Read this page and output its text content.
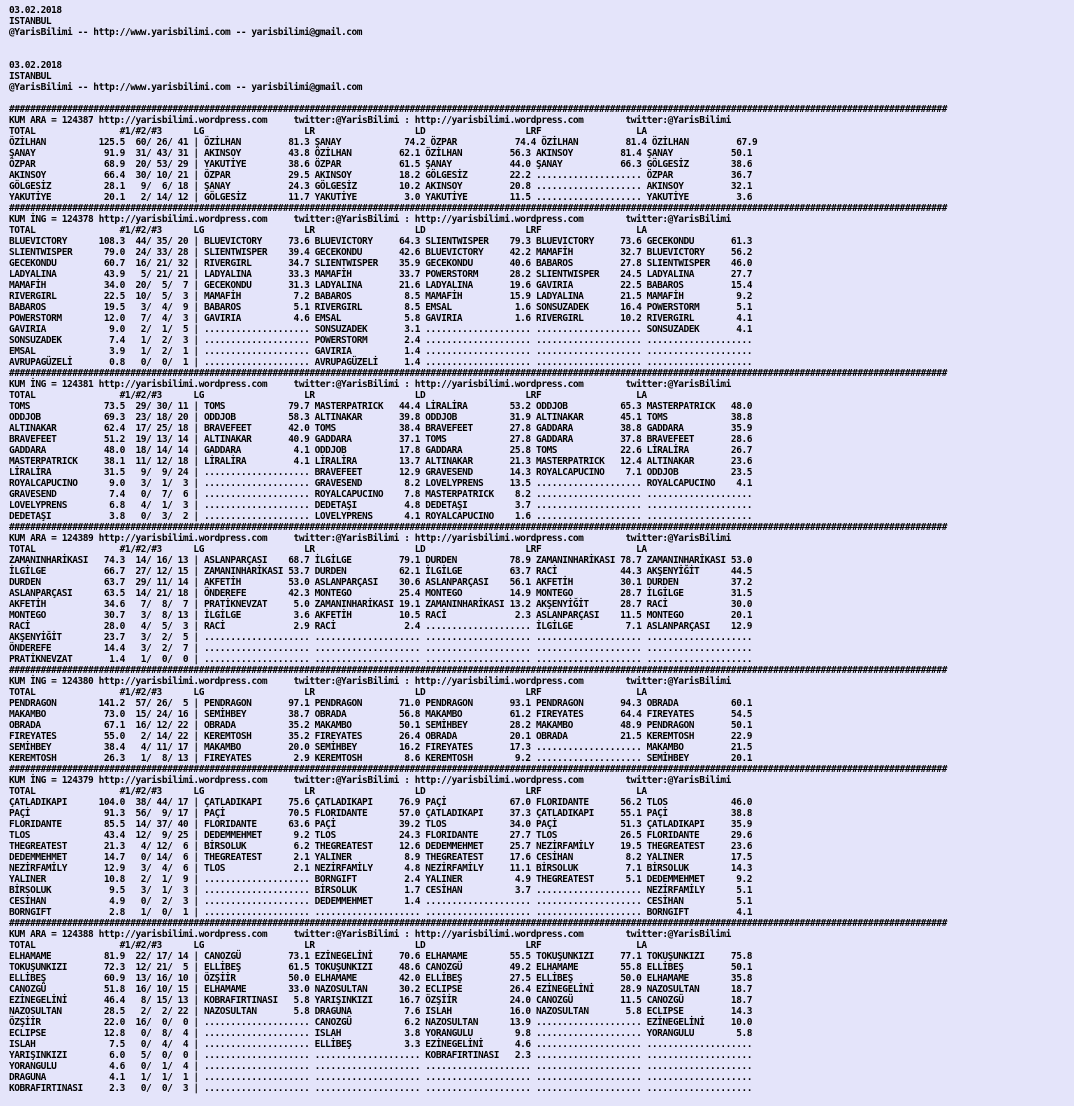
03.02.2018
ISTANBUL
@YarisBilimi -- http://www.yarisbilimi.com -- yarisbilimi@gmail.com

03.02.2018
ISTANBUL
@YarisBilimi -- http://www.yarisbilimi.com -- yarisbilimi@gmail.com

##################################################################################################################################################################################
KUM ARA = 124387 http://yarisbilimi.wordpress.com     twitter:@YarisBilimi : http://yarisbilimi.wordpress.com        twitter:@YarisBilimi
TOTAL                #1/#2/#3      LG                   LR                   LD                   LRF                  LA
ÖZİLHAN          125.5  60/ 26/ 41 | ÖZİLHAN         81.3 ŞANAY            74.2 ÖZPAR           74.4 ÖZİLHAN         81.4 ÖZİLHAN         67.9
ŞANAY             91.9  31/ 43/ 31 | AKINSOY         43.8 ÖZİLHAN         62.1 ÖZİLHAN         56.3 AKINSOY         81.4 ŞANAY           50.1
ÖZPAR             68.9  20/ 53/ 29 | YAKUTİYE        38.6 ÖZPAR           61.5 ŞANAY           44.0 ŞANAY           66.3 GÖLGESİZ        38.6
AKINSOY           66.4  30/ 10/ 21 | ÖZPAR           29.5 AKINSOY         18.2 GÖLGESİZ        22.2 .................... ÖZPAR           36.7
GÖLGESİZ          28.1   9/  6/ 18 | ŞANAY           24.3 GÖLGESİZ        10.2 AKINSOY         20.8 .................... AKINSOY         32.1
YAKUTİYE          20.1   2/ 14/ 12 | GÖLGESİZ        11.7 YAKUTİYE         3.0 YAKUTİYE        11.5 .................... YAKUTİYE         3.6
##################################################################################################################################################################################
KUM İNG = 124378 http://yarisbilimi.wordpress.com     twitter:@YarisBilimi : http://yarisbilimi.wordpress.com        twitter:@YarisBilimi
TOTAL                #1/#2/#3      LG                   LR                   LD                   LRF                  LA
BLUEVICTORY      108.3  44/ 35/ 20 | BLUEVICTORY     73.6 BLUEVICTORY     64.3 SLIENTWISPER    79.3 BLUEVICTORY     73.6 GECEKONDU       61.3
SLIENTWISPER      79.0  24/ 33/ 28 | SLIENTWISPER    39.4 GECEKONDU       42.6 BLUEVICTORY     42.2 MAMAFİH         32.7 BLUEVICTORY     56.2
GECEKONDU         60.7  16/ 21/ 32 | RIVERGIRL       34.7 SLIENTWISPER    35.9 GECEKONDU       40.6 BABAROS         27.8 SLIENTWISPER    46.0
LADYALINA         43.9   5/ 21/ 21 | LADYALINA       33.3 MAMAFİH         33.7 POWERSTORM      28.2 SLIENTWISPER    24.5 LADYALINA       27.7
MAMAFİH           34.0  20/  5/  7 | GECEKONDU       31.3 LADYALINA       21.6 LADYALINA       19.6 GAVIRIA         22.5 BABAROS         15.4
RIVERGIRL         22.5  10/  5/  3 | MAMAFİH          7.2 BABAROS          8.5 MAMAFİH         15.9 LADYALINA       21.5 MAMAFİH          9.2
BABAROS           19.5   3/  4/  9 | BABAROS          5.1 RIVERGIRL        8.5 EMSAL            1.6 SONSUZADEK      16.4 POWERSTORM       5.1
POWERSTORM        12.0   7/  4/  3 | GAVIRIA          4.6 EMSAL            5.8 GAVIRIA          1.6 RIVERGIRL       10.2 RIVERGIRL        4.1
GAVIRIA            9.0   2/  1/  5 | .................... SONSUZADEK       3.1 .................... .................... SONSUZADEK       4.1
SONSUZADEK         7.4   1/  2/  3 | .................... POWERSTORM       2.4 .................... .................... ....................
EMSAL              3.9   1/  2/  1 | .................... GAVIRIA          1.4 .................... .................... ....................
AVRUPAGÜZELİ       0.8   0/  0/  1 | .................... AVRUPAGÜZELİ     1.4 .................... .................... ....................
##################################################################################################################################################################################
KUM İNG = 124381 http://yarisbilimi.wordpress.com     twitter:@YarisBilimi : http://yarisbilimi.wordpress.com        twitter:@YarisBilimi
TOTAL                #1/#2/#3      LG                   LR                   LD                   LRF                  LA
TOMS              73.5  29/ 30/ 11 | TOMS            79.7 MASTERPATRICK   44.4 LİRALİRA        53.2 ODDJOB          65.3 MASTERPATRICK   48.0
ODDJOB            69.3  23/ 18/ 20 | ODDJOB          58.3 ALTINAKAR       39.8 ODDJOB          31.9 ALTINAKAR       45.1 TOMS            38.8
ALTINAKAR         62.4  17/ 25/ 18 | BRAVEFEET       42.0 TOMS            38.4 BRAVEFEET       27.8 GADDARA         38.8 GADDARA         35.9
BRAVEFEET         51.2  19/ 13/ 14 | ALTINAKAR       40.9 GADDARA         37.1 TOMS            27.8 GADDARA         37.8 BRAVEFEET       28.6
GADDARA           48.0  18/ 14/ 14 | GADDARA          4.1 ODDJOB          17.8 GADDARA         25.8 TOMS            22.6 LİRALİRA        26.7
MASTERPATRICK     38.1  11/ 12/ 18 | LİRALİRA         4.1 LİRALİRA        13.7 ALTINAKAR       21.3 MASTERPATRICK   12.4 ALTINAKAR       23.6
LİRALİRA          31.5   9/  9/ 24 | .................... BRAVEFEET       12.9 GRAVESEND       14.3 ROYALCAPUCINO    7.1 ODDJOB          23.5
ROYALCAPUCINO      9.0   3/  1/  3 | .................... GRAVESEND        8.2 LOVELYPRENS     13.5 .................... ROYALCAPUCINO    4.1
GRAVESEND          7.4   0/  7/  6 | .................... ROYALCAPUCINO    7.8 MASTERPATRICK    8.2 .................... ....................
LOVELYPRENS        6.8   4/  1/  3 | .................... DEDETAŞI         4.8 DEDETAŞI         3.7 .................... ....................
DEDETAŞI           3.8   0/  3/  2 | .................... LOVELYPRENS      4.1 ROYALCAPUCINO    1.6 .................... ....................
##################################################################################################################################################################################
KUM ARA = 124389 http://yarisbilimi.wordpress.com     twitter:@YarisBilimi : http://yarisbilimi.wordpress.com        twitter:@YarisBilimi
TOTAL                #1/#2/#3      LG                   LR                   LD                   LRF                  LA
ZAMANINHARİKASI   74.3  14/ 16/ 13 | ASLANPARÇASI    68.7 İLGİLGE         79.1 DURDEN          78.9 ZAMANINHARİKASI 78.7 ZAMANINHARİKASI 53.0
İLGİLGE           66.7  27/ 12/ 15 | ZAMANINHARİKASI 53.7 DURDEN          62.1 İLGİLGE         63.7 RACİ            44.3 AKŞENYİĞİT      44.5
DURDEN            63.7  29/ 11/ 14 | AKFETİH         53.0 ASLANPARÇASI    30.6 ASLANPARÇASI    56.1 AKFETİH         30.1 DURDEN          37.2
ASLANPARÇASI      63.5  14/ 21/ 18 | ÖNDEREFE        42.3 MONTEGO         25.4 MONTEGO         14.9 MONTEGO         28.7 İLGİLGE         31.5
AKFETİH           34.6   7/  8/  7 | PRATİKNEVZAT     5.0 ZAMANINHARİKASI 19.1 ZAMANINHARİKASI 13.2 AKŞENYİĞİT      28.7 RACİ            30.0
MONTEGO           30.7   3/  8/ 13 | İLGİLGE          3.6 AKFETİH         10.5 RACİ             2.3 ASLANPARÇASI    11.5 MONTEGO         20.1
RACİ              28.0   4/  5/  3 | RACİ             2.9 RACİ             2.4 .................... İLGİLGE          7.1 ASLANPARÇASI    12.9
AKŞENYİĞİT        23.7   3/  2/  5 | .................... .................... .................... .................... ....................
ÖNDEREFE          14.4   3/  2/  7 | .................... .................... .................... .................... ....................
PRATİKNEVZAT       1.4   1/  0/  0 | .................... .................... .................... .................... ....................
##################################################################################################################################################################################
KUM İNG = 124380 http://yarisbilimi.wordpress.com     twitter:@YarisBilimi : http://yarisbilimi.wordpress.com        twitter:@YarisBilimi
TOTAL                #1/#2/#3      LG                   LR                   LD                   LRF                  LA
PENDRAGON        141.2  57/ 26/  5 | PENDRAGON       97.1 PENDRAGON       71.0 PENDRAGON       93.1 PENDRAGON       94.3 OBRADA          60.1
MAKAMBO           73.0  15/ 24/ 16 | SEMİHBEY        38.7 OBRADA          56.8 MAKAMBO         61.2 FIREYATES       64.4 FIREYATES       54.5
OBRADA            67.1  16/ 12/ 22 | OBRADA          35.2 MAKAMBO         50.1 SEMİHBEY        28.2 MAKAMBO         48.9 PENDRAGON       50.1
FIREYATES         55.0   2/ 14/ 22 | KEREMTOSH       35.2 FIREYATES       26.4 OBRADA          20.1 OBRADA          21.5 KEREMTOSH       22.9
SEMİHBEY          38.4   4/ 11/ 17 | MAKAMBO         20.0 SEMİHBEY        16.2 FIREYATES       17.3 .................... MAKAMBO         21.5
KEREMTOSH         26.3   1/  8/ 13 | FIREYATES        2.9 KEREMTOSH        8.6 KEREMTOSH        9.2 .................... SEMİHBEY        20.1
##################################################################################################################################################################################
KUM İNG = 124379 http://yarisbilimi.wordpress.com     twitter:@YarisBilimi : http://yarisbilimi.wordpress.com        twitter:@YarisBilimi
TOTAL                #1/#2/#3      LG                   LR                   LD                   LRF                  LA
ÇATLADIKAPI      104.0  38/ 44/ 17 | ÇATLADIKAPI     75.6 ÇATLADIKAPI     76.9 PAÇİ            67.0 FLORIDANTE      56.2 TLOS            46.0
PAÇİ              91.3  56/  9/ 17 | PAÇİ            70.5 FLORIDANTE      57.0 ÇATLADIKAPI     37.3 ÇATLADIKAPI     55.1 PAÇİ            38.8
FLORIDANTE        85.5  14/ 37/ 40 | FLORIDANTE      63.6 PAÇİ            39.2 TLOS            34.0 PAÇİ            51.3 ÇATLADIKAPI     35.9
TLOS              43.4  12/  9/ 25 | DEDEMMEHMET      9.2 TLOS            24.3 FLORIDANTE      27.7 TLOS            26.5 FLORIDANTE      29.6
THEGREATEST       21.3   4/ 12/  6 | BİRSOLUK         6.2 THEGREATEST     12.6 DEDEMMEHMET     25.7 NEZİRFAMİLY     19.5 THEGREATEST     23.6
DEDEMMEHMET       14.7   0/ 14/  6 | THEGREATEST      2.1 YALINER          8.9 THEGREATEST     17.6 CESİHAN          8.2 YALINER         17.5
NEZİRFAMİLY       12.9   3/  4/  6 | TLOS             2.1 NEZİRFAMİLY      4.8 NEZİRFAMİLY     11.1 BİRSOLUK         7.1 BİRSOLUK        14.3
YALINER           10.8   2/  1/  9 | .................... BORNGIFT         2.4 YALINER          4.9 THEGREATEST      5.1 DEDEMMEHMET      9.2
BİRSOLUK           9.5   3/  1/  3 | .................... BİRSOLUK         1.7 CESİHAN          3.7 .................... NEZİRFAMİLY      5.1
CESİHAN            4.9   0/  2/  3 | .................... DEDEMMEHMET      1.4 .................... .................... CESİHAN          5.1
BORNGIFT           2.8   1/  0/  1 | .................... .................... .................... .................... BORNGIFT         4.1
##################################################################################################################################################################################
KUM ARA = 124388 http://yarisbilimi.wordpress.com     twitter:@YarisBilimi : http://yarisbilimi.wordpress.com        twitter:@YarisBilimi
TOTAL                #1/#2/#3      LG                   LR                   LD                   LRF                  LA
ELHAMAME          81.9  22/ 17/ 14 | CANOZGÜ         73.1 EZİNEGELİNİ     70.6 ELHAMAME        55.5 TOKUŞUNKIZI     77.1 TOKUŞUNKIZI     75.8
TOKUŞUNKIZI       72.3  12/ 21/  5 | ELLİBEŞ         61.5 TOKUŞUNKIZI     48.6 CANOZGÜ         49.2 ELHAMAME        55.8 ELLİBEŞ         50.1
ELLİBEŞ           60.9  13/ 16/ 10 | ÖZŞİİR          50.0 ELHAMAME        42.0 ELLİBEŞ         27.5 ELLİBEŞ         50.0 ELHAMAME        35.8
CANOZGÜ           51.8  16/ 10/ 15 | ELHAMAME        33.0 NAZOSULTAN      30.2 ECLIPSE         26.4 EZİNEGELİNİ     28.9 NAZOSULTAN      18.7
EZİNEGELİNİ       46.4   8/ 15/ 13 | KOBRAFIRTINASI   5.8 YARIŞINKIZI     16.7 ÖZŞİİR          24.0 CANOZGÜ         11.5 CANOZGÜ         18.7
NAZOSULTAN        28.5   2/  2/ 22 | NAZOSULTAN       5.8 DRAGUNA          7.6 ISLAH           16.0 NAZOSULTAN       5.8 ECLIPSE         14.3
ÖZŞİİR            22.0  16/  0/  0 | .................... CANOZGÜ          6.2 NAZOSULTAN      13.9 .................... EZİNEGELİNİ     10.0
ECLIPSE           12.8   0/  8/  4 | .................... ISLAH            3.8 YORANGULU        9.8 .................... YORANGULU        5.8
ISLAH              7.5   0/  4/  4 | .................... ELLİBEŞ          3.3 EZİNEGELİNİ      4.6 .................... ....................
YARIŞINKIZI        6.0   5/  0/  0 | .................... .................... KOBRAFIRTINASI   2.3 .................... ....................
YORANGULU          4.6   0/  1/  4 | .................... .................... .................... .................... ....................
DRAGUNA            4.1   1/  1/  1 | .................... .................... .................... .................... ....................
KOBRAFIRTINASI     2.3   0/  0/  3 | .................... .................... .................... .................... ....................
